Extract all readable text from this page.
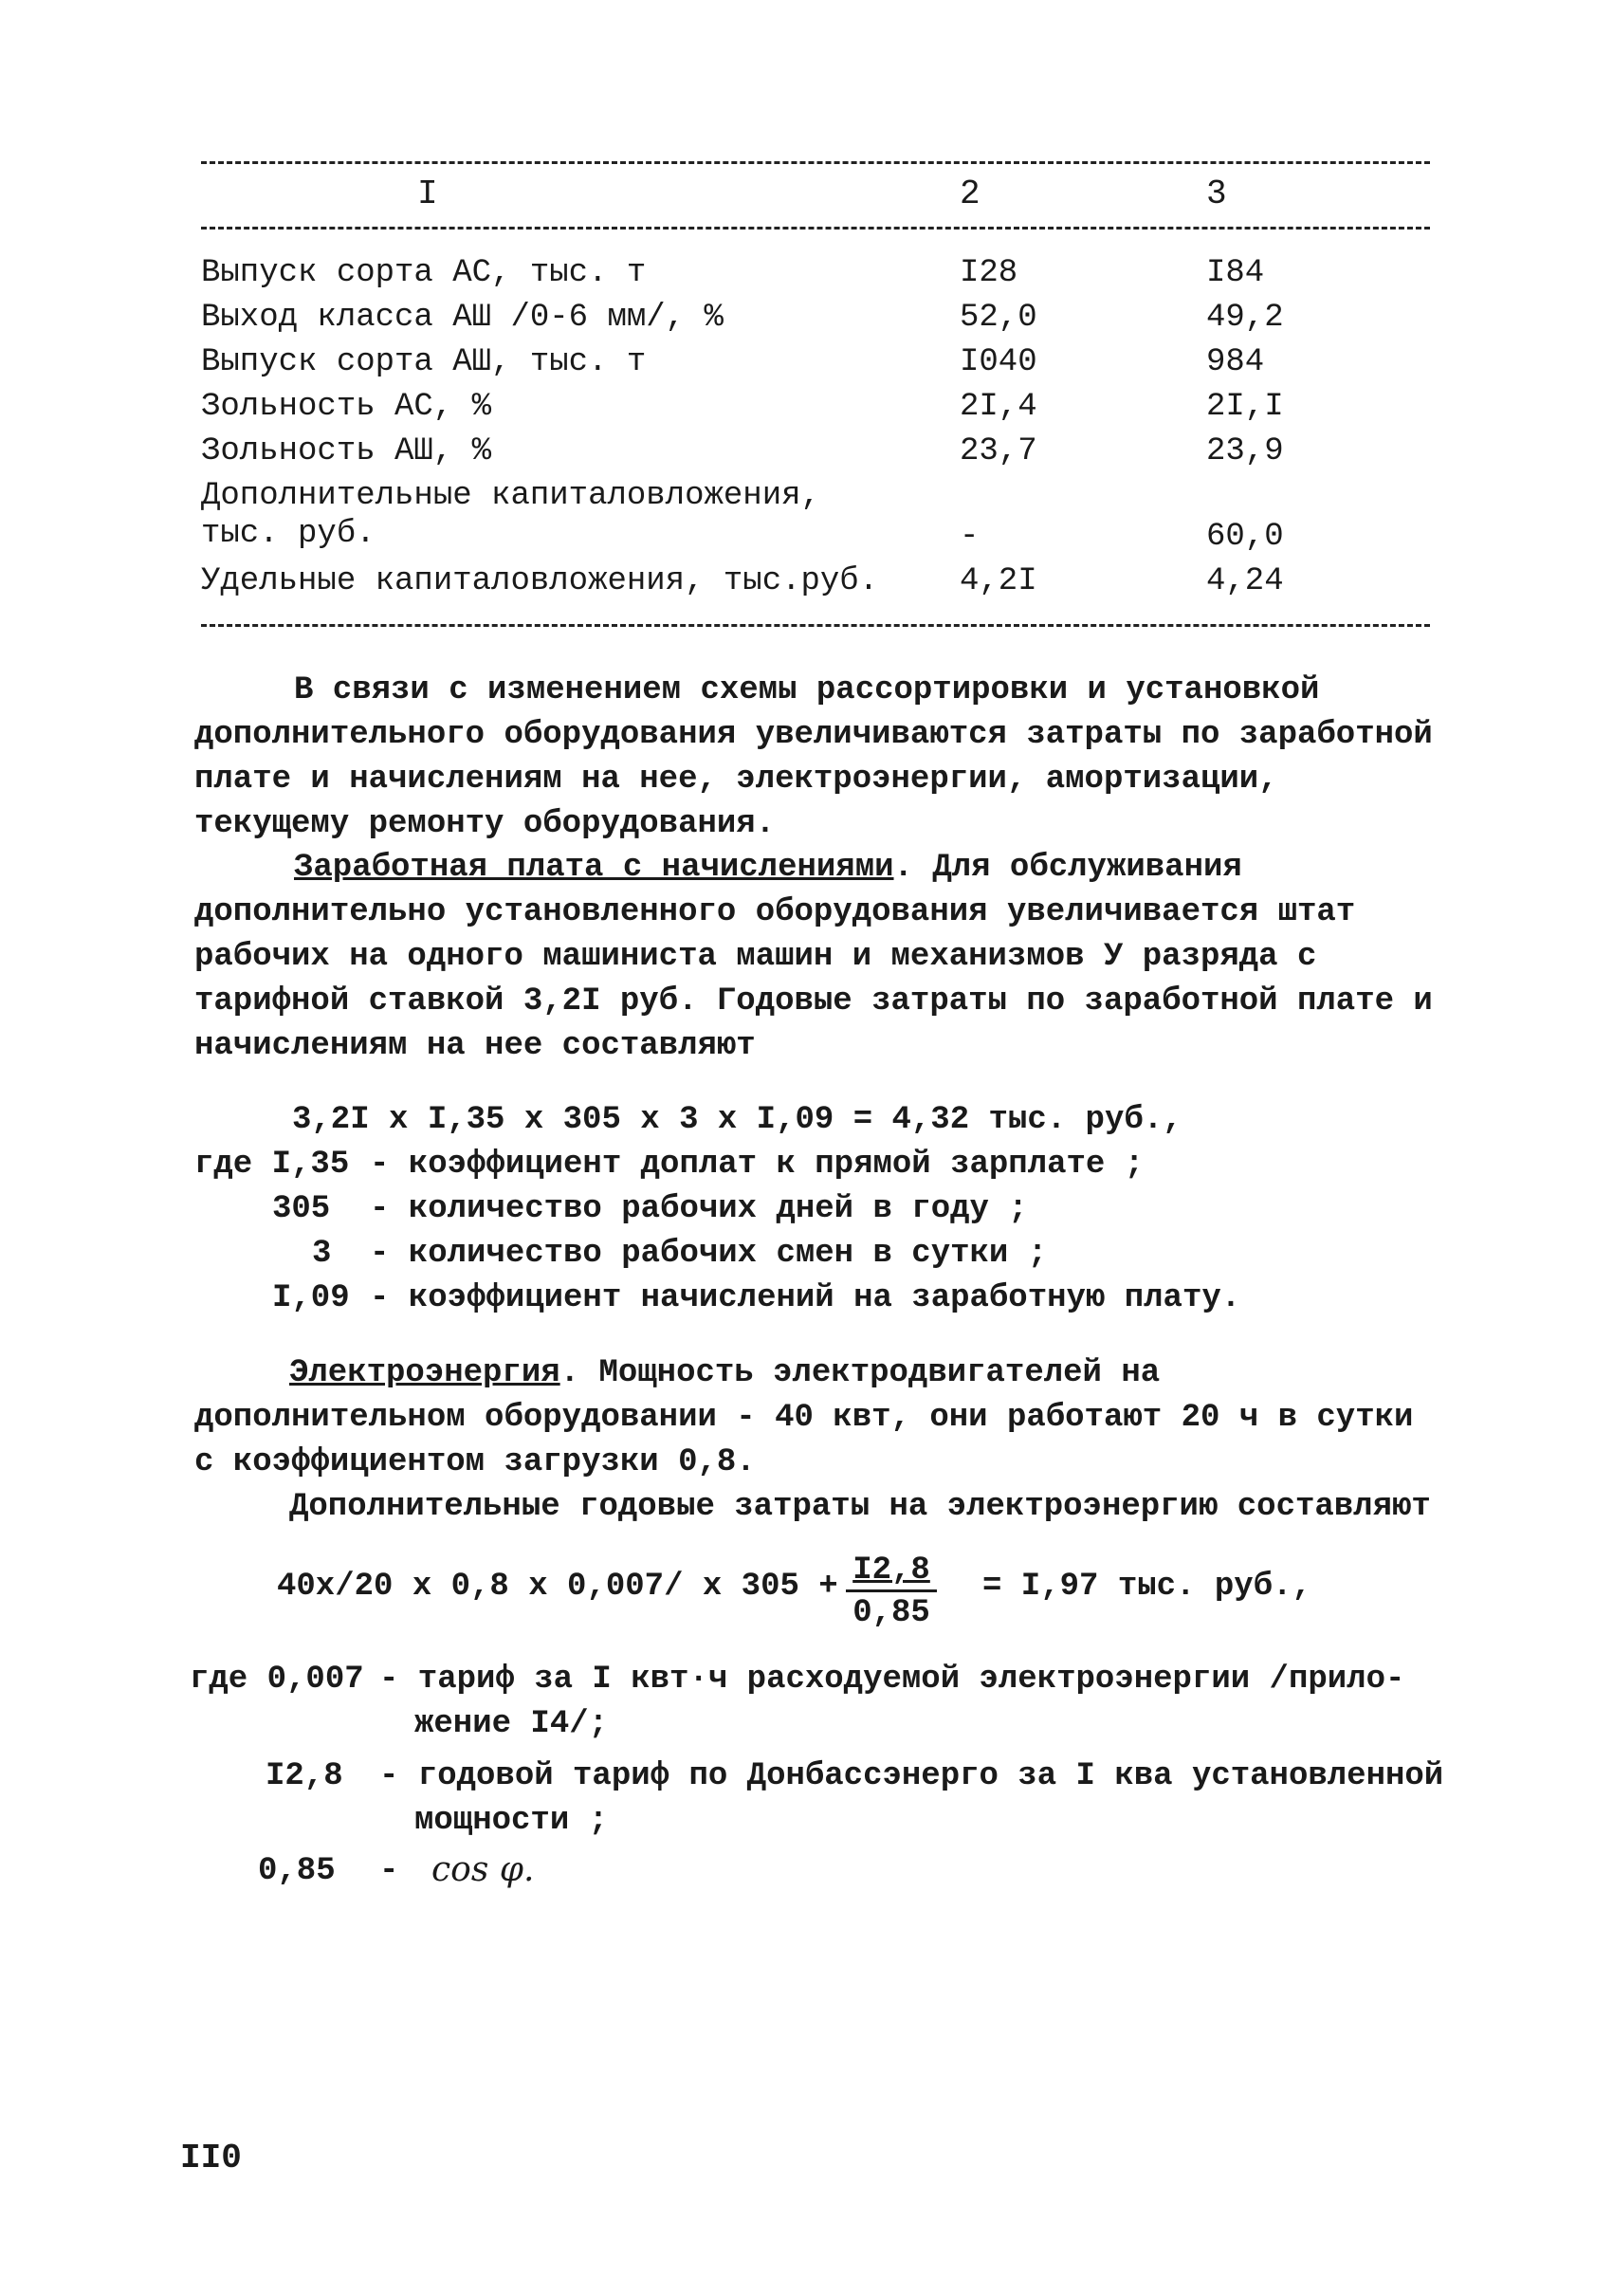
I	2	3
Выпуск сорта АС, тыс. т	I28	I84
Выход класса АШ /0-6 мм/, %	52,0	49,2
Выпуск сорта АШ, тыс. т	I040	984
Зольность АС, %	2I,4	2I,I
Зольность АШ, %	23,7	23,9
Дополнительные капиталовложения, тыс. руб.	-	60,0
Удельные капиталовложения, тыс.руб.	4,2I	4,24
В связи с изменением схемы рассортировки и установкой дополнительного оборудования увеличиваются затраты по заработной плате и начислениям на нее, электроэнергии, амортизации, текущему ремонту оборудования.
Заработная плата с начислениями. Для обслуживания дополнительно установленного оборудования увеличивается штат рабочих на одного машиниста машин и механизмов У разряда с тарифной ставкой 3,2I руб. Годовые затраты по заработной плате и начислениям на нее составляют
3,2I x I,35 x 305 x 3 x I,09 = 4,32 тыс. руб.,
где I,35 - коэффициент доплат к прямой зарплате ;
305 - количество рабочих дней в году ;
3 - количество рабочих смен в сутки ;
I,09 - коэффициент начислений на заработную плату.
Электроэнергия. Мощность электродвигателей на дополнительном оборудовании - 40 квт, они работают 20 ч в сутки с коэффициентом загрузки 0,8.
Дополнительные годовые затраты на электроэнергию составляют
40x/20 x 0,8 x 0,007/ x $305 + \frac{I2,8}{0,85} = I,97$ тыс. руб.,
где 0,007 - тариф за I квт·ч расходуемой электроэнергии /прило-
жение I4/;
I2,8 - годовой тариф по Донбассэнерго за I ква установленной
мощности ;
0,85 - cos φ.
II0
